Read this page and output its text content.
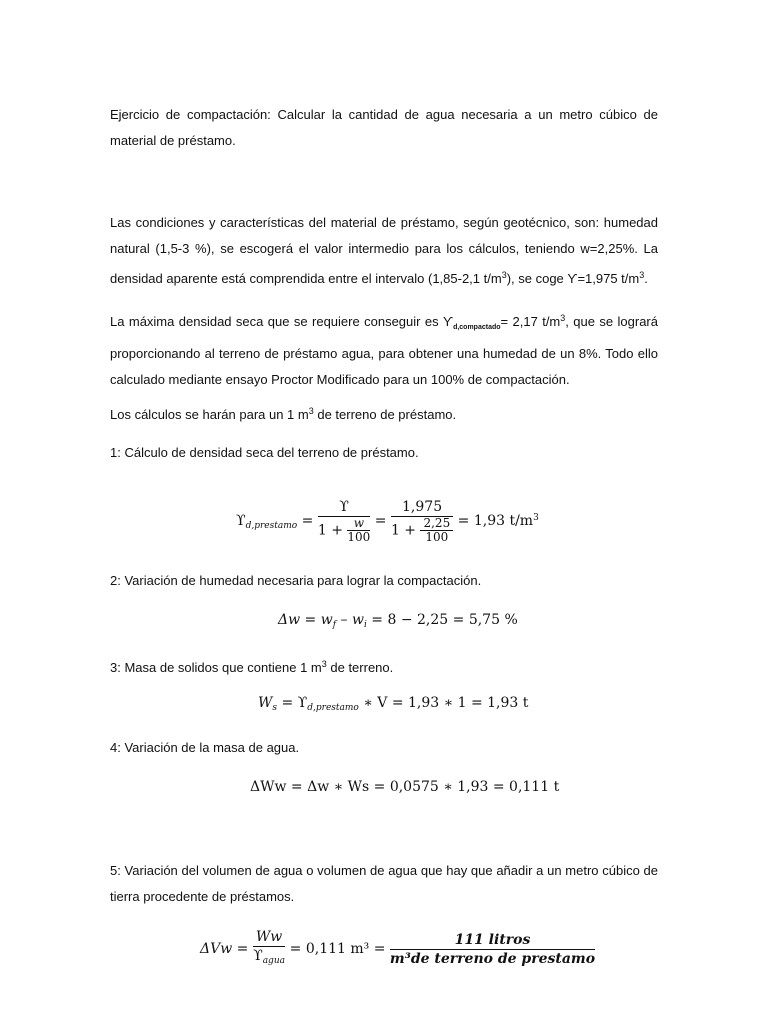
Ejercicio de compactación: Calcular la cantidad de agua necesaria a un metro cúbico de
material de préstamo.
Las condiciones y características del material de préstamo, según geotécnico, son: humedad natural (1,5-3 %), se escogerá el valor intermedio para los cálculos, teniendo w=2,25%. La densidad aparente está comprendida entre el intervalo (1,85-2,1 $t/m^3$), se coge ϒ=1,975 $t/m^3$.
La máxima densidad seca que se requiere conseguir es $ϒ_{d,compactado}= 2,17$ $t/m^3$, que se logrará proporcionando al terreno de préstamo agua, para obtener una humedad de un 8%. Todo ello calculado mediante ensayo Proctor Modificado para un 100% de compactación.
Los cálculos se harán para un 1 $m^3$ de terreno de préstamo.
1: Cálculo de densidad seca del terreno de préstamo.
$ϒ_{d,prestamo} = \frac{ϒ}{1 + \frac{w}{100}} = \frac{1,975}{1 + \frac{2,25}{100}} = 1,93$ $t/m^3$
2: Variación de humedad necesaria para lograr la compactación.
$\Delta w = w_f - w_i = 8 - 2,25 = 5,75$ %
3: Masa de solidos que contiene 1 $m^3$ de terreno.
$W_s = ϒ_{d,prestamo}$ ∗ V = 1,93 ∗ 1 = 1,93 t
4: Variación de la masa de agua.
ΔWw = Δw ∗ Ws = 0,0575 ∗ 1,93 = 0,111 t
5: Variación del volumen de agua o volumen de agua que hay que añadir a un metro cúbico de tierra procedente de préstamos.
$\Delta Vw = \frac{Ww}{ϒ_{agua}} = 0,111$ $m^3 = \frac{\text{111 litros}}{\text{m³de terreno de prestamo}}$
